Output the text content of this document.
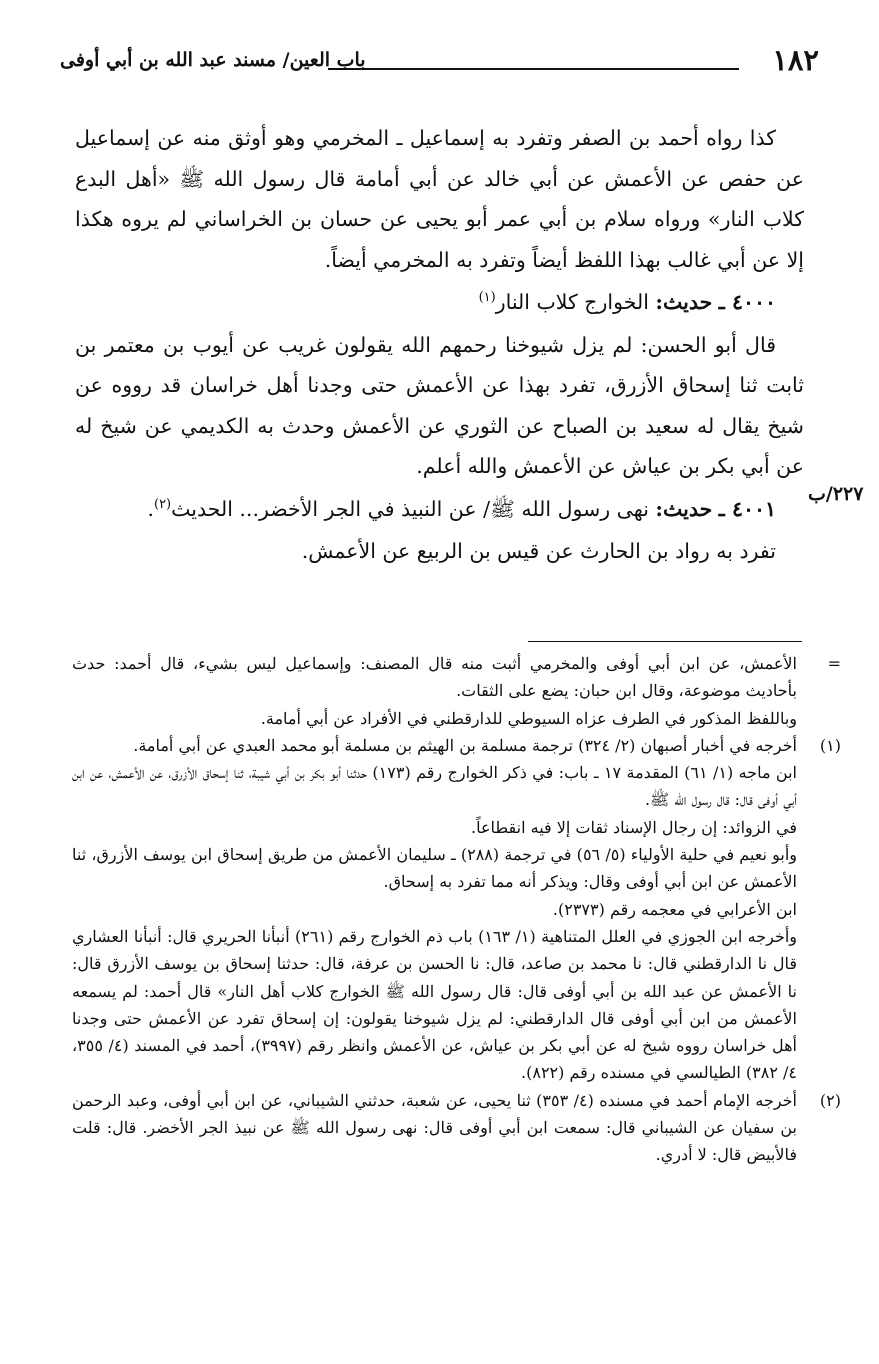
١٨٢
باب العين/ مسند عبد الله بن أبي أوفى
٢٢٧/ب

كذا رواه أحمد بن الصفر وتفرد به إسماعيل ـ المخرمي وهو أوثق منه عن إسماعيل عن حفص عن الأعمش عن أبي خالد عن أبي أمامة قال رسول الله ﷺ «أهل البدع كلاب النار» ورواه سلام بن أبي عمر أبو يحيى عن حسان بن الخراساني لم يروه هكذا إلا عن أبي غالب بهذا اللفظ أيضاً وتفرد به المخرمي أيضاً.

٤٠٠٠ ـ حديث: الخوارج كلاب النار$^{(١)}$

قال أبو الحسن: لم يزل شيوخنا رحمهم الله يقولون غريب عن أيوب بن معتمر بن ثابت ثنا إسحاق الأزرق، تفرد بهذا عن الأعمش حتى وجدنا أهل خراسان قد رووه عن شيخ يقال له سعيد بن الصباح عن الثوري عن الأعمش وحدث به الكديمي عن شيخ له عن أبي بكر بن عياش عن الأعمش والله أعلم.

٤٠٠١ ـ حديث: نهى رسول الله ﷺ/ عن النبيذ في الجر الأخضر... الحديث$^{(٢)}$.

تفرد به رواد بن الحارث عن قيس بن الربيع عن الأعمش.

=

الأعمش، عن ابن أبي أوفى والمخرمي أثبت منه قال المصنف: وإسماعيل ليس بشيء، قال أحمد: حدث بأحاديث موضوعة، وقال ابن حبان: يضع على الثقات.

وباللفظ المذكور في الطرف عزاه السيوطي للدارقطني في الأفراد عن أبي أمامة.

(١)

أخرجه في أخبار أصبهان (٢/ ٣٢٤) ترجمة مسلمة بن الهيثم بن مسلمة أبو محمد العبدي عن أبي أمامة.

ابن ماجه (١/ ٦١) المقدمة ١٧ ـ باب: في ذكر الخوارج رقم (١٧٣) حدثنا أبو بكر بن أبي شيبة، ثنا إسحاق الأزرق، عن الأعمش، عن ابن أبي أوفى قال: قال رسول الله ﷺ.

في الزوائد: إن رجال الإسناد ثقات إلا فيه انقطاعاً.

وأبو نعيم في حلية الأولياء (٥/ ٥٦) في ترجمة (٢٨٨) ـ سليمان الأعمش من طريق إسحاق ابن يوسف الأزرق، ثنا الأعمش عن ابن أبي أوفى وقال: ويذكر أنه مما تفرد به إسحاق.

ابن الأعرابي في معجمه رقم (٢٣٧٣).

وأخرجه ابن الجوزي في العلل المتناهية (١/ ١٦٣) باب ذم الخوارج رقم (٢٦١) أنبأنا الحريري قال: أنبأنا العشاري قال نا الدارقطني قال: نا محمد بن صاعد، قال: نا الحسن بن عرفة، قال: حدثنا إسحاق بن يوسف الأزرق قال: نا الأعمش عن عبد الله بن أبي أوفى قال: قال رسول الله ﷺ الخوارج كلاب أهل النار» قال أحمد: لم يسمعه الأعمش من ابن أبي أوفى قال الدارقطني: لم يزل شيوخنا يقولون: إن إسحاق تفرد عن الأعمش حتى وجدنا أهل خراسان رووه شيخ له عن أبي بكر بن عياش، عن الأعمش وانظر رقم (٣٩٩٧)، أحمد في المسند (٤/ ٣٥٥، ٤/ ٣٨٢) الطيالسي في مسنده رقم (٨٢٢).

(٢)

أخرجه الإمام أحمد في مسنده (٤/ ٣٥٣) ثنا يحيى، عن شعبة، حدثني الشيباني، عن ابن أبي أوفى، وعبد الرحمن بن سفيان عن الشيباني قال: سمعت ابن أبي أوفى قال: نهى رسول الله ﷺ عن نبيذ الجر الأخضر. قال: قلت فالأبيض قال: لا أدري.
